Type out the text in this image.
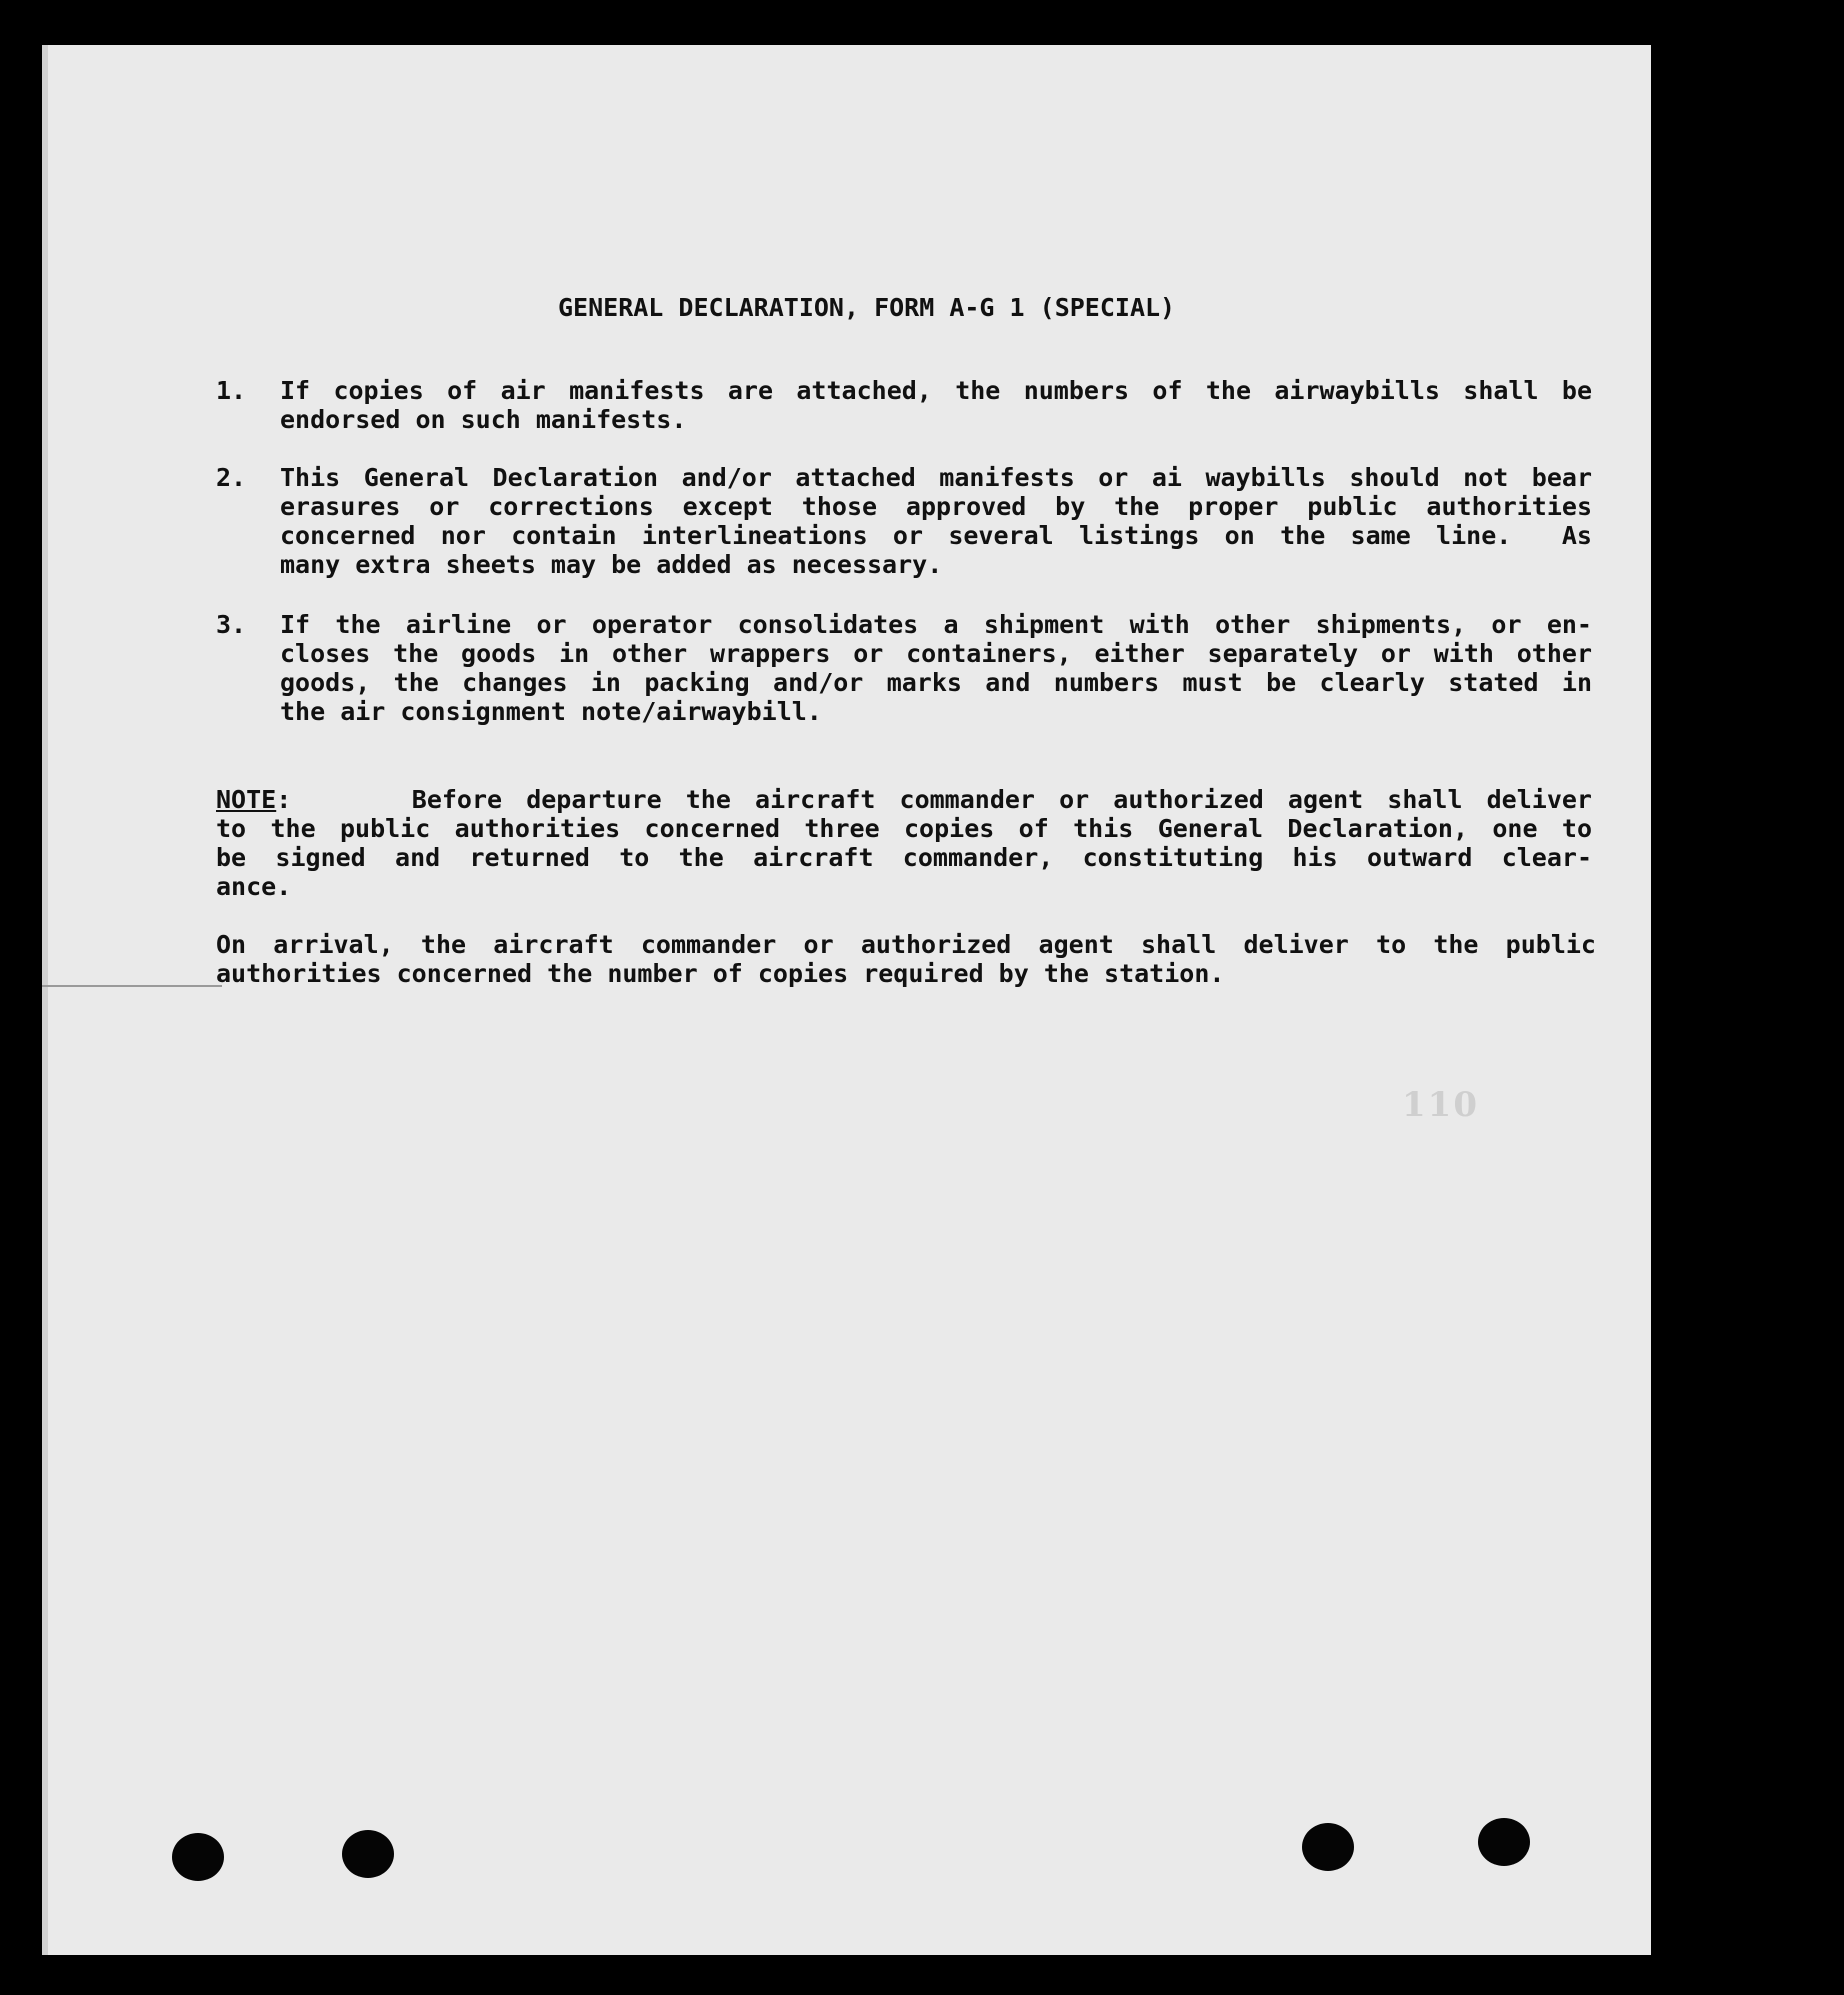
GENERAL DECLARATION, FORM A-G 1 (SPECIAL)
1.	If copies of air manifests are attached, the numbers of the airwaybills shall be
endorsed on such manifests.
2.	This General Declaration and/or attached manifests or ai waybills should not bear
erasures or corrections except those approved by the proper public authorities
concerned nor contain interlineations or several listings on the same line.  As
many extra sheets may be added as necessary.
3.	If the airline or operator consolidates a shipment with other shipments, or en-
closes the goods in other wrappers or containers, either separately or with other
goods, the changes in packing and/or marks and numbers must be clearly stated in
the air consignment note/airwaybill.
NOTE:     Before departure the aircraft commander or authorized agent shall deliver
to the public authorities concerned three copies of this General Declaration, one to
be signed and returned to the aircraft commander, constituting his outward clear-
ance.
On arrival, the aircraft commander or authorized agent shall deliver to the public
authorities concerned the number of copies required by the station.
110
